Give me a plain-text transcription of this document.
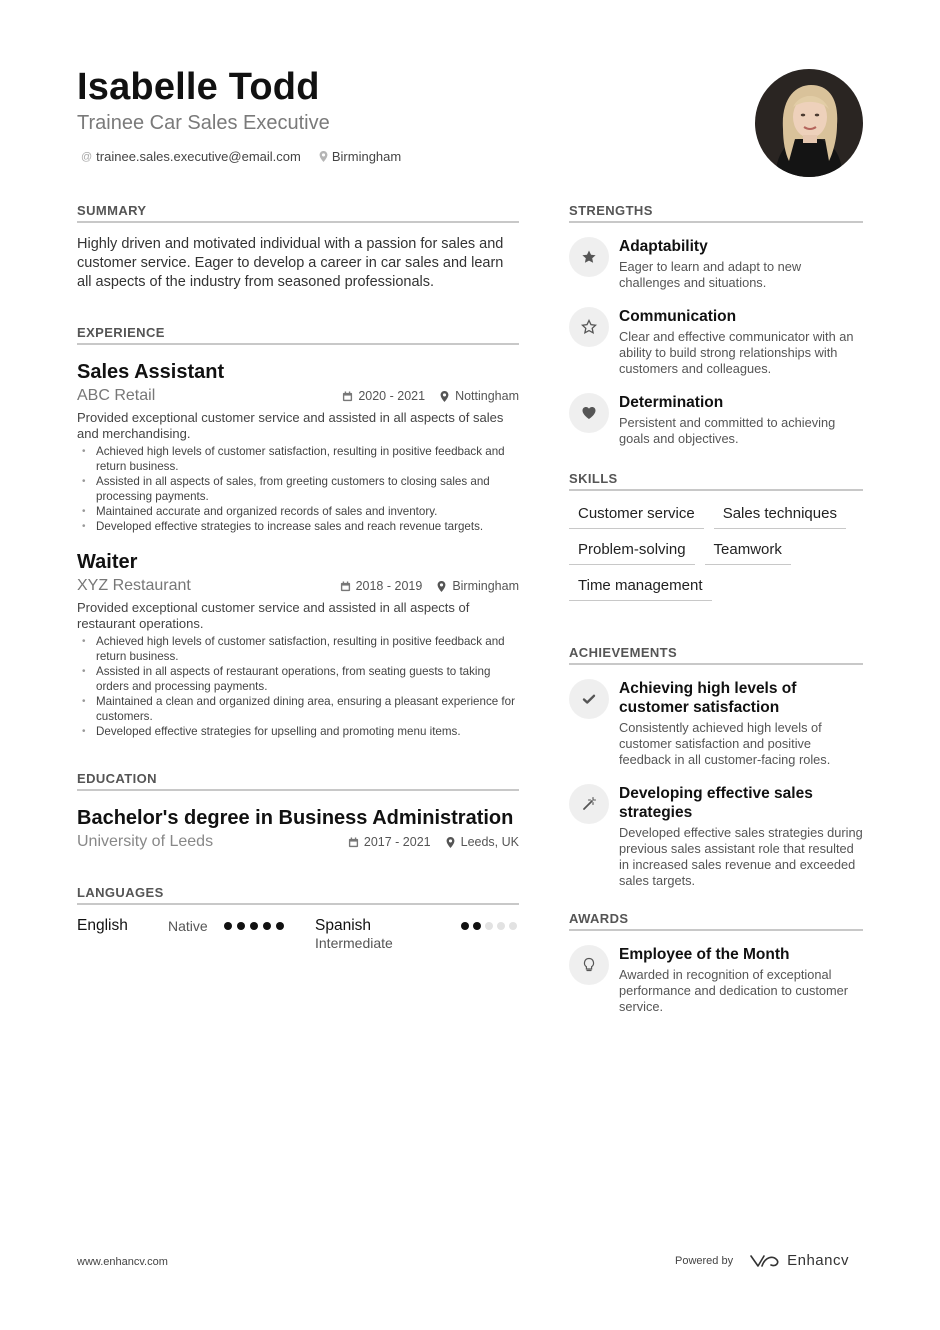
Isabelle Todd
Trainee Car Sales Executive
@ trainee.sales.executive@email.com Birmingham
SUMMARY

Highly driven and motivated individual with a passion for sales and customer service. Eager to develop a career in car sales and learn all aspects of the industry from seasoned professionals.

EXPERIENCE
Sales Assistant
ABC Retail	2020 - 2021 Nottingham

Provided exceptional customer service and assisted in all aspects of sales and merchandising.

• Achieved high levels of customer satisfaction, resulting in positive feedback and return business.
• Assisted in all aspects of sales, from greeting customers to closing sales and processing payments.
• Maintained accurate and organized records of sales and inventory.
• Developed effective strategies to increase sales and reach revenue targets.
Waiter
XYZ Restaurant	2018 - 2019 Birmingham

Provided exceptional customer service and assisted in all aspects of restaurant operations.

• Achieved high levels of customer satisfaction, resulting in positive feedback and return business.
• Assisted in all aspects of restaurant operations, from seating guests to taking orders and processing payments.
• Maintained a clean and organized dining area, ensuring a pleasant experience for customers.
• Developed effective strategies for upselling and promoting menu items.
EDUCATION
Bachelor's degree in Business Administration
University of Leeds	2017 - 2021 Leeds, UK
LANGUAGES
English	Native	Spanish
Intermediate
STRENGTHS
Adaptability

Eager to learn and adapt to new challenges and situations.

Communication

Clear and effective communicator with an ability to build strong relationships with customers and colleagues.

Determination

Persistent and committed to achieving goals and objectives.

SKILLS
Customer service	Sales techniques
Problem-solving	Teamwork
Time management
ACHIEVEMENTS
Achieving high levels of customer satisfaction

Consistently achieved high levels of customer satisfaction and positive feedback in all customer-facing roles.

Developing effective sales strategies

Developed effective sales strategies during previous sales assistant role that resulted in increased sales revenue and exceeded sales targets.

AWARDS
Employee of the Month

Awarded in recognition of exceptional performance and dedication to customer service.

www.enhancv.com	Powered by	Enhancv
